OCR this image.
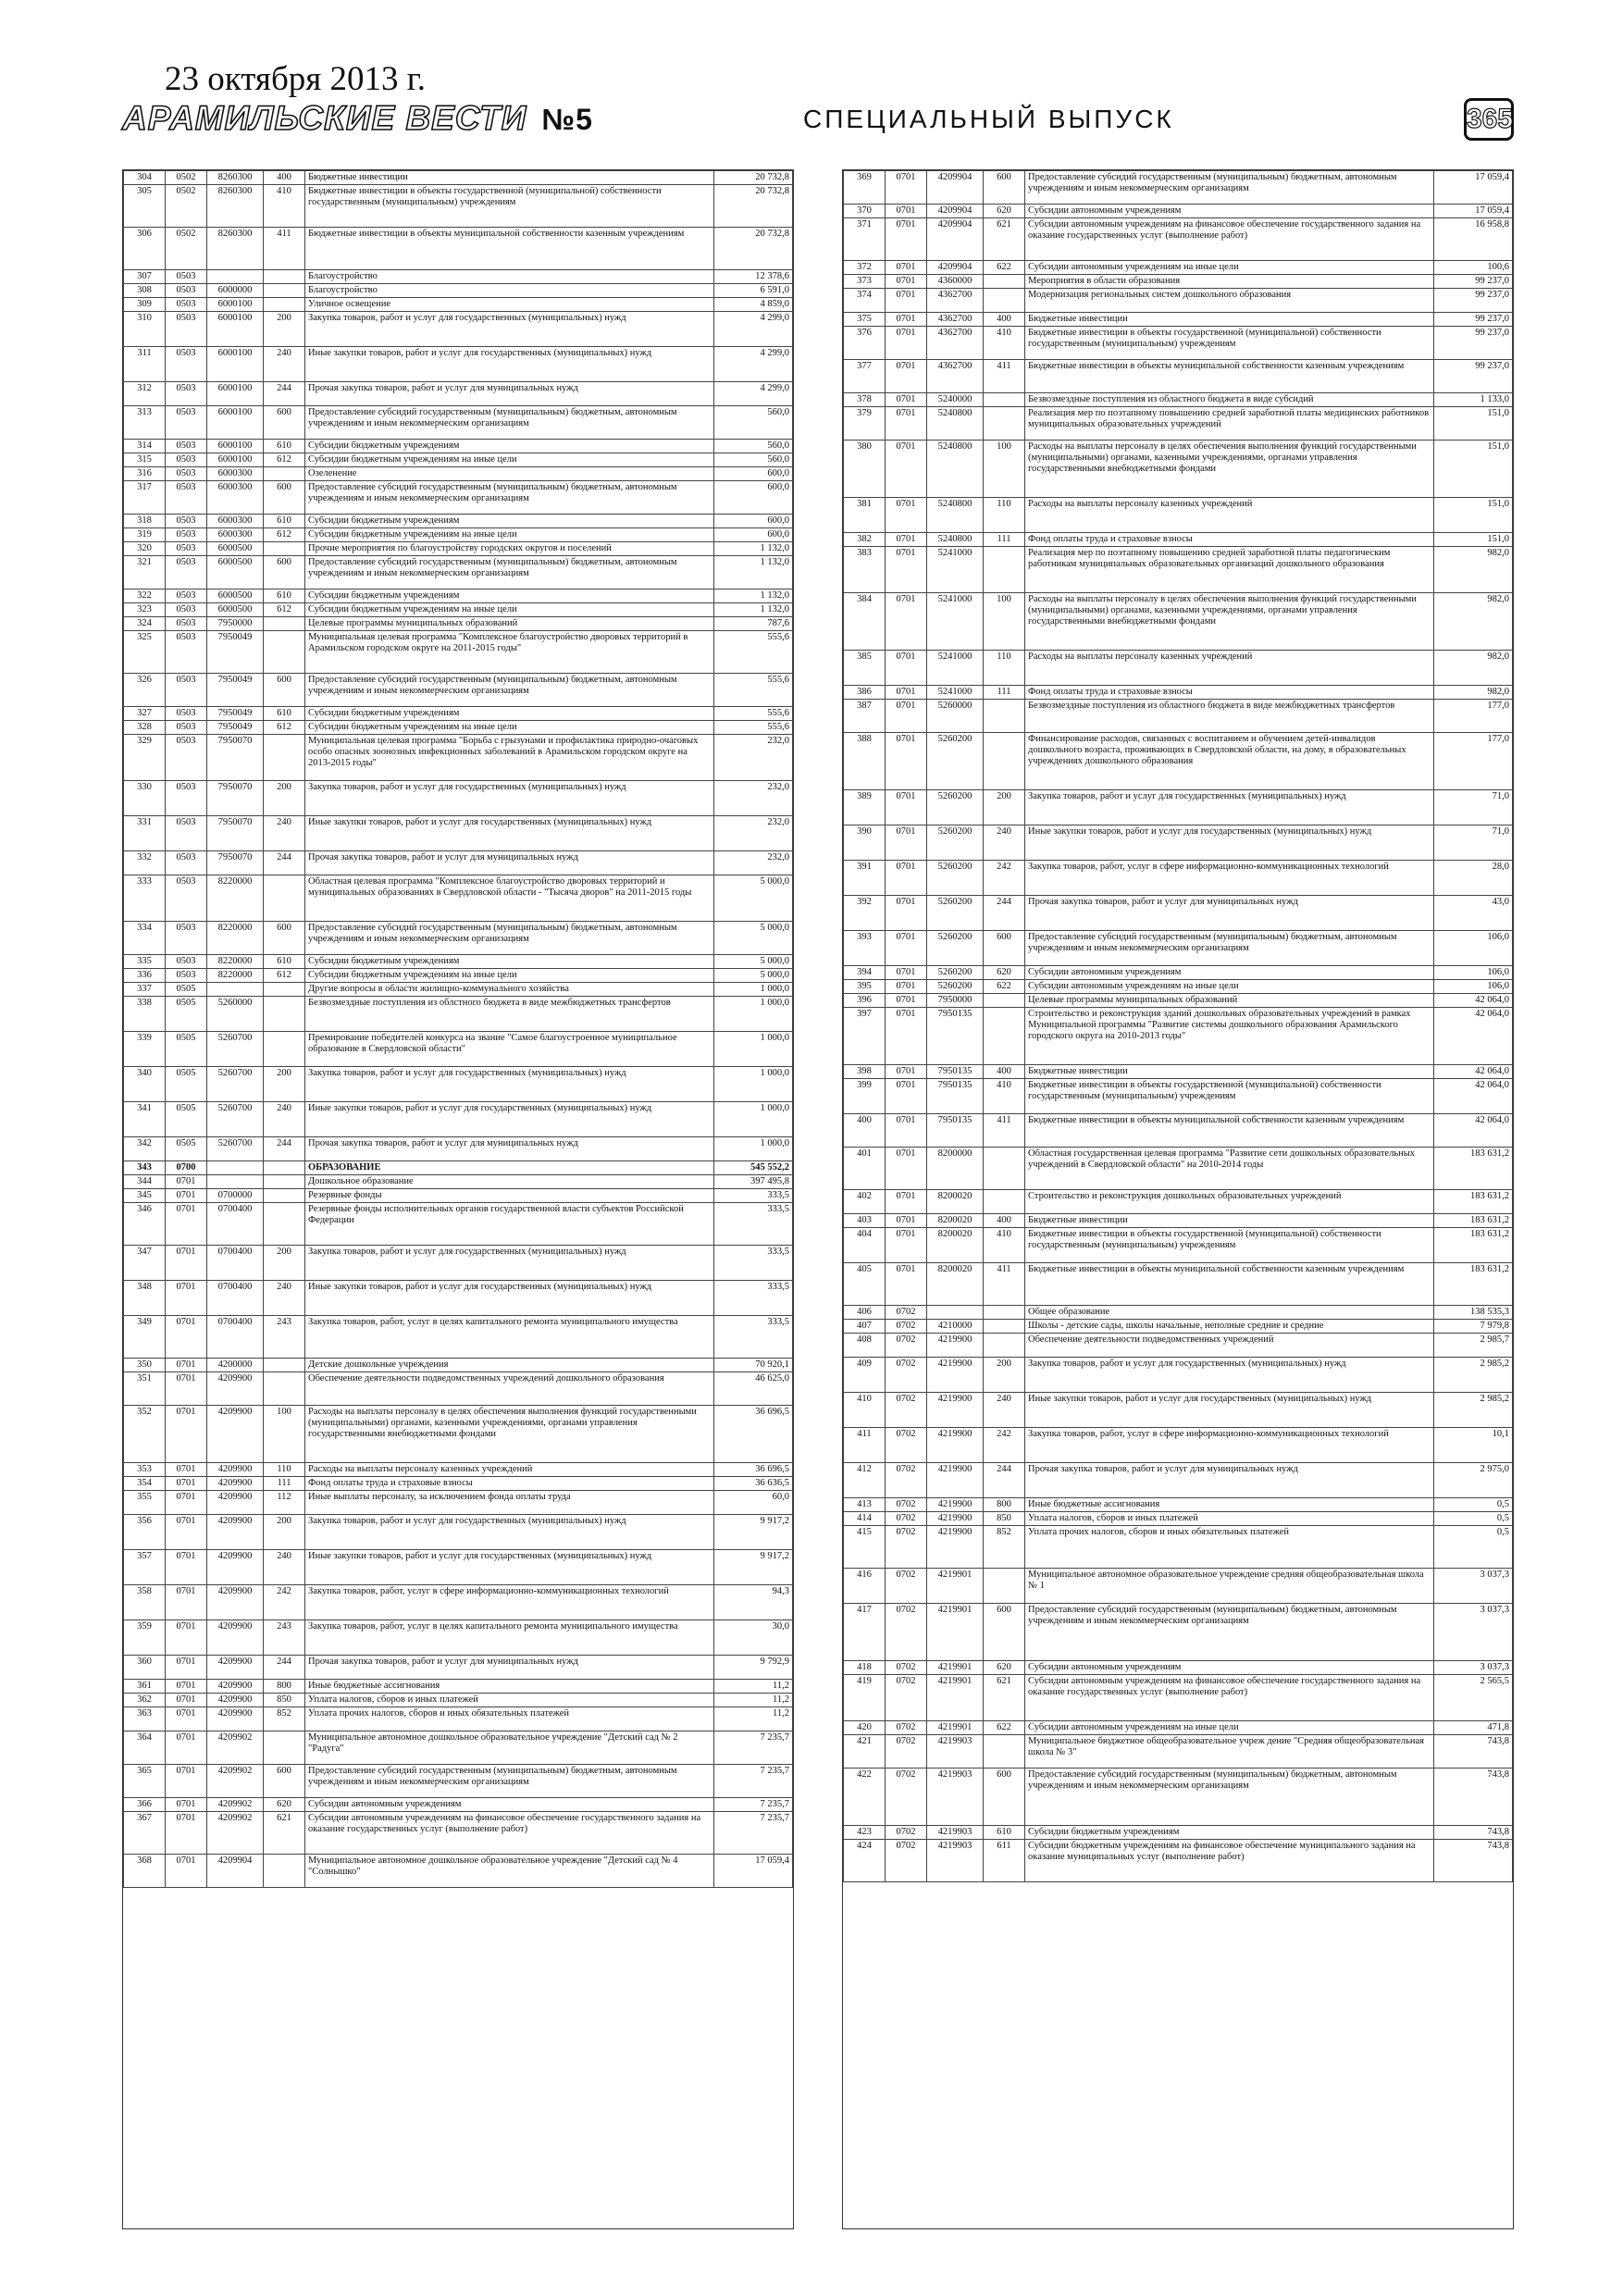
23 октября 2013 г.
АРАМИЛЬСКИЕ ВЕСТИ №5	СПЕЦИАЛЬНЫЙ ВЫПУСК	365
304	0502	8260300	400	Бюджетные инвестиции	20 732,8
305	0502	8260300	410	Бюджетные инвестиции в объекты государственной (муниципальной) собственности государственным (муниципальным) учреждениям	20 732,8
306	0502	8260300	411	Бюджетные инвестиции в объекты муниципальной собственности казенным учреждениям	20 732,8
307	0503			Благоустройство	12 378,6
308	0503	6000000		Благоустройство	6 591,0
309	0503	6000100		Уличное освещение	4 859,0
310	0503	6000100	200	Закупка товаров, работ и услуг для государственных (муниципальных) нужд	4 299,0
311	0503	6000100	240	Иные закупки товаров, работ и услуг для государственных (муниципальных) нужд	4 299,0
312	0503	6000100	244	Прочая закупка товаров, работ и услуг для муниципальных нужд	4 299,0
313	0503	6000100	600	Предоставление субсидий государственным (муниципальным) бюджетным, автономным учреждениям и иным некоммерческим организациям	560,0
314	0503	6000100	610	Субсидии бюджетным учреждениям	560,0
315	0503	6000100	612	Субсидии бюджетным учреждениям на иные цели	560,0
316	0503	6000300		Озеленение	600,0
317	0503	6000300	600	Предоставление субсидий государственным (муниципальным) бюджетным, автономным учреждениям и иным некоммерческим организациям	600,0
318	0503	6000300	610	Субсидии бюджетным учреждениям	600,0
319	0503	6000300	612	Субсидии бюджетным учреждениям на иные цели	600,0
320	0503	6000500		Прочие мероприятия по благоустройству городских округов и поселений	1 132,0
321	0503	6000500	600	Предоставление субсидий государственным (муниципальным) бюджетным, автономным учреждениям и иным некоммерческим организациям	1 132,0
322	0503	6000500	610	Субсидии бюджетным учреждениям	1 132,0
323	0503	6000500	612	Субсидии бюджетным учреждениям на иные цели	1 132,0
324	0503	7950000		Целевые программы муниципальных образований	787,6
325	0503	7950049		Муниципальная целевая программа "Комплексное благоустройство дворовых территорий в Арамильском городском округе на 2011-2015 годы"	555,6
326	0503	7950049	600	Предоставление субсидий государственным (муниципальным) бюджетным, автономным учреждениям и иным некоммерческим организациям	555,6
327	0503	7950049	610	Субсидии бюджетным учреждениям	555,6
328	0503	7950049	612	Субсидии бюджетным учреждениям на иные цели	555,6
329	0503	7950070		Муниципальная целевая программа "Борьба с грызунами и профилактика природно-очаговых особо опасных зоонозных инфекционных заболеваний в Арамильском городском округе на 2013-2015 годы"	232,0
330	0503	7950070	200	Закупка товаров, работ и услуг для государственных (муниципальных) нужд	232,0
331	0503	7950070	240	Иные закупки товаров, работ и услуг для государственных (муниципальных) нужд	232,0
332	0503	7950070	244	Прочая закупка товаров, работ и услуг для муниципальных нужд	232,0
333	0503	8220000		Областная целевая программа "Комплексное благоустройство дворовых территорий и муниципальных образованиях в Свердловской области - "Тысяча дворов" на 2011-2015 годы	5 000,0
334	0503	8220000	600	Предоставление субсидий государственным (муниципальным) бюджетным, автономным учреждениям и иным некоммерческим организациям	5 000,0
335	0503	8220000	610	Субсидии бюджетным учреждениям	5 000,0
336	0503	8220000	612	Субсидии бюджетным учреждениям на иные цели	5 000,0
337	0505			Другие вопросы в области жилищно-коммунального хозяйства	1 000,0
338	0505	5260000		Безвозмездные поступления из облстного бюджета в виде межбюджетных трансфертов	1 000,0
339	0505	5260700		Премирование победителей конкурса на звание "Самое благоустроенное муниципальное образование в Свердловской области"	1 000,0
340	0505	5260700	200	Закупка товаров, работ и услуг для государственных (муниципальных) нужд	1 000,0
341	0505	5260700	240	Иные закупки товаров, работ и услуг для государственных (муниципальных) нужд	1 000,0
342	0505	5260700	244	Прочая закупка товаров, работ и услуг для муниципальных нужд	1 000,0
343	0700			ОБРАЗОВАНИЕ	545 552,2
344	0701			Дошкольное образование	397 495,8
345	0701	0700000		Резервные фонды	333,5
346	0701	0700400		Резервные фонды исполнительных органов государственной власти субъектов Российской Федерации	333,5
347	0701	0700400	200	Закупка товаров, работ и услуг для государственных (муниципальных) нужд	333,5
348	0701	0700400	240	Иные закупки товаров, работ и услуг для государственных (муниципальных) нужд	333,5
349	0701	0700400	243	Закупка товаров, работ, услуг в целях капитального ремонта муниципального имущества	333,5
350	0701	4200000		Детские дошкольные учреждения	70 920,1
351	0701	4209900		Обеспечение деятельности подведомственных учреждений дошкольного образования	46 625,0
352	0701	4209900	100	Расходы на выплаты персоналу в целях обеспечения выполнения функций государственными (муниципальными) органами, казенными учреждениями, органами управления государственными внебюджетными фондами	36 696,5
353	0701	4209900	110	Расходы на выплаты персоналу казенных учреждений	36 696,5
354	0701	4209900	111	Фонд оплаты труда и страховые взносы	36 636,5
355	0701	4209900	112	Иные выплаты персоналу, за исключением фонда оплаты труда	60,0
356	0701	4209900	200	Закупка товаров, работ и услуг для государственных (муниципальных) нужд	9 917,2
357	0701	4209900	240	Иные закупки товаров, работ и услуг для государственных (муниципальных) нужд	9 917,2
358	0701	4209900	242	Закупка товаров, работ, услуг в сфере информационно-коммуникационных технологий	94,3
359	0701	4209900	243	Закупка товаров, работ, услуг в целях капитального ремонта муниципального имущества	30,0
360	0701	4209900	244	Прочая закупка товаров, работ и услуг для муниципальных нужд	9 792,9
361	0701	4209900	800	Иные бюджетные ассигнования	11,2
362	0701	4209900	850	Уплата налогов, сборов и иных платежей	11,2
363	0701	4209900	852	Уплата прочих налогов, сборов и иных обязательных платежей	11,2
364	0701	4209902		Муниципальное автономное дошкольное образовательное учреждение "Детский сад № 2 "Радуга"	7 235,7
365	0701	4209902	600	Предоставление субсидий государственным (муниципальным) бюджетным, автономным учреждениям и иным некоммерческим организациям	7 235,7
366	0701	4209902	620	Субсидии автономным учреждениям	7 235,7
367	0701	4209902	621	Субсидии автономным учреждениям на финансовое обеспечение государственного задания на оказание государственных услуг (выполнение работ)	7 235,7
368	0701	4209904		Муниципальное автономное дошкольное образовательное учреждение "Детский сад № 4 "Солнышко"	17 059,4
369	0701	4209904	600	Предоставление субсидий государственным (муниципальным) бюджетным, автономным учреждениям и иным некоммерческим организациям	17 059,4
370	0701	4209904	620	Субсидии автономным учреждениям	17 059,4
371	0701	4209904	621	Субсидии автономным учреждениям на финансовое обеспечение государственного задания на оказание государственных услуг (выполнение работ)	16 958,8
372	0701	4209904	622	Субсидии автономным учреждениям на иные цели	100,6
373	0701	4360000		Мероприятия в области образования	99 237,0
374	0701	4362700		Модернизация региональных систем дошкольного образования	99 237,0
375	0701	4362700	400	Бюджетные инвестиции	99 237,0
376	0701	4362700	410	Бюджетные инвестиции в объекты государственной (муниципальной) собственности государственным (муниципальным) учреждениям	99 237,0
377	0701	4362700	411	Бюджетные инвестиции в объекты муниципальной собственности казенным учреждениям	99 237,0
378	0701	5240000		Безвозмездные поступления из областного бюджета в виде субсидий	1 133,0
379	0701	5240800		Реализация мер по поэтапному повышению средней заработной платы медицинских работников муниципальных образовательных учреждений	151,0
380	0701	5240800	100	Расходы на выплаты персоналу в целях обеспечения выполнения функций государственными (муниципальными) органами, казенными учреждениями, органами управления государственными внебюджетными фондами	151,0
381	0701	5240800	110	Расходы на выплаты персоналу казенных учреждений	151,0
382	0701	5240800	111	Фонд оплаты труда и страховые взносы	151,0
383	0701	5241000		Реализация мер по поэтапному повышению средней заработной платы педагогическим работникам муниципальных образовательных организаций дошкольного образования	982,0
384	0701	5241000	100	Расходы на выплаты персоналу в целях обеспечения выполнения функций государственными (муниципальными) органами, казенными учреждениями, органами управления государственными внебюджетными фондами	982,0
385	0701	5241000	110	Расходы на выплаты персоналу казенных учреждений	982,0
386	0701	5241000	111	Фонд оплаты труда и страховые взносы	982,0
387	0701	5260000		Безвозмездные поступления из областного бюджета в виде межбюджетных трансфертов	177,0
388	0701	5260200		Финансирование расходов, связанных с воспитанием и обучением детей-инвалидов дошкольного возраста, проживающих в Свердловской области, на дому, в образовательных учреждениях дошкольного образования	177,0
389	0701	5260200	200	Закупка товаров, работ и услуг для государственных (муниципальных) нужд	71,0
390	0701	5260200	240	Иные закупки товаров, работ и услуг для государственных (муниципальных) нужд	71,0
391	0701	5260200	242	Закупка товаров, работ, услуг в сфере информационно-коммуникационных технологий	28,0
392	0701	5260200	244	Прочая закупка товаров, работ и услуг для муниципальных нужд	43,0
393	0701	5260200	600	Предоставление субсидий государственным (муниципальным) бюджетным, автономным учреждениям и иным некоммерческим организациям	106,0
394	0701	5260200	620	Субсидии автономным учреждениям	106,0
395	0701	5260200	622	Субсидии автономным учреждениям на иные цели	106,0
396	0701	7950000		Целевые программы муниципальных образований	42 064,0
397	0701	7950135		Строительство и реконструкция зданий дошкольных образовательных учреждений в рамках Муниципальной программы "Развитие системы дошкольного образования Арамильского городского округа на 2010-2013 годы"	42 064,0
398	0701	7950135	400	Бюджетные инвестиции	42 064,0
399	0701	7950135	410	Бюджетные инвестиции в объекты государственной (муниципальной) собственности государственным (муниципальным) учреждениям	42 064,0
400	0701	7950135	411	Бюджетные инвестиции в объекты муниципальной собственности казенным учреждениям	42 064,0
401	0701	8200000		Областная государственная целевая программа "Развитие сети дошкольных образовательных учреждений в Свердловской области" на 2010-2014 годы	183 631,2
402	0701	8200020		Строительство и реконструкция дошкольных образовательных учреждений	183 631,2
403	0701	8200020	400	Бюджетные инвестиции	183 631,2
404	0701	8200020	410	Бюджетные инвестиции в объекты государственной (муниципальной) собственности государственным (муниципальным) учреждениям	183 631,2
405	0701	8200020	411	Бюджетные инвестиции в объекты муниципальной собственности казенным учреждениям	183 631,2
406	0702			Общее образование	138 535,3
407	0702	4210000		Школы - детские сады, школы начальные, неполные средние и средние	7 979,8
408	0702	4219900		Обеспечение деятельности подведомственных учреждений	2 985,7
409	0702	4219900	200	Закупка товаров, работ и услуг для государственных (муниципальных) нужд	2 985,2
410	0702	4219900	240	Иные закупки товаров, работ и услуг для государственных (муниципальных) нужд	2 985,2
411	0702	4219900	242	Закупка товаров, работ, услуг в сфере информационно-коммуникационных технологий	10,1
412	0702	4219900	244	Прочая закупка товаров, работ и услуг для муниципальных нужд	2 975,0
413	0702	4219900	800	Иные бюджетные ассигнования	0,5
414	0702	4219900	850	Уплата налогов, сборов и иных платежей	0,5
415	0702	4219900	852	Уплата прочих налогов, сборов и иных обязательных платежей	0,5
416	0702	4219901		Муниципальное автономное образовательное учреждение средняя общеобразовательная школа № 1	3 037,3
417	0702	4219901	600	Предоставление субсидий государственным (муниципальным) бюджетным, автономным учреждениям и иным некоммерческим организациям	3 037,3
418	0702	4219901	620	Субсидии автономным учреждениям	3 037,3
419	0702	4219901	621	Субсидии автономным учреждениям на финансовое обеспечение государственного задания на оказание государственных услуг (выполнение работ)	2 565,5
420	0702	4219901	622	Субсидии автономным учреждениям на иные цели	471,8
421	0702	4219903		Муниципальное бюджетное общеобразовательное учреж дение "Средняя общеобразовательная школа № 3"	743,8
422	0702	4219903	600	Предоставление субсидий государственным (муниципальным) бюджетным, автономным учреждениям и иным некоммерческим организациям	743,8
423	0702	4219903	610	Субсидии бюджетным учреждениям	743,8
424	0702	4219903	611	Субсидии бюджетным учреждениям на финансовое обеспечение муниципального задания на оказание муниципальных услуг (выполнение работ)	743,8
